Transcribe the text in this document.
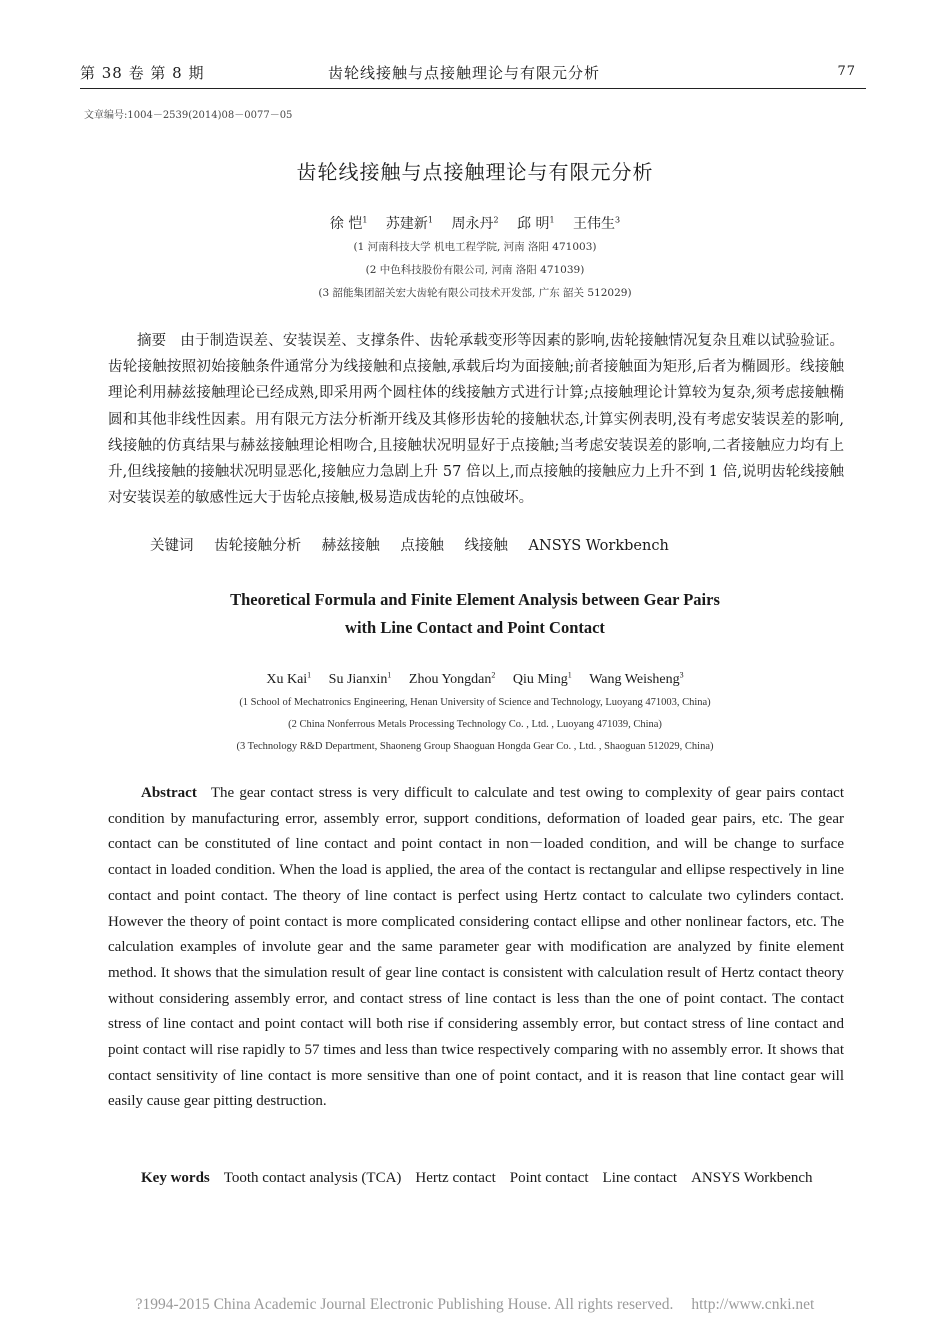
第 38 卷 第 8 期	齿轮线接触与点接触理论与有限元分析	77
文章编号:1004－2539(2014)08－0077－05
齿轮线接触与点接触理论与有限元分析
徐 恺$^1$ 苏建新$^1$ 周永丹$^2$ 邱 明$^1$ 王伟生$^3$
(1 河南科技大学 机电工程学院, 河南 洛阳 471003)
(2 中色科技股份有限公司, 河南 洛阳 471039)
(3 韶能集团韶关宏大齿轮有限公司技术开发部, 广东 韶关 512029)
摘要 由于制造误差、安装误差、支撑条件、齿轮承载变形等因素的影响,齿轮接触情况复杂且难以试验验证。齿轮接触按照初始接触条件通常分为线接触和点接触,承载后均为面接触;前者接触面为矩形,后者为椭圆形。线接触理论利用赫兹接触理论已经成熟,即采用两个圆柱体的线接触方式进行计算;点接触理论计算较为复杂,须考虑接触椭圆和其他非线性因素。用有限元方法分析渐开线及其修形齿轮的接触状态,计算实例表明,没有考虑安装误差的影响,线接触的仿真结果与赫兹接触理论相吻合,且接触状况明显好于点接触;当考虑安装误差的影响,二者接触应力均有上升,但线接触的接触状况明显恶化,接触应力急剧上升 57 倍以上,而点接触的接触应力上升不到 1 倍,说明齿轮线接触对安装误差的敏感性远大于齿轮点接触,极易造成齿轮的点蚀破坏。
关键词 齿轮接触分析 赫兹接触 点接触 线接触 ANSYS Workbench
Theoretical Formula and Finite Element Analysis between Gear Pairs
with Line Contact and Point Contact
Xu Kai$^1$ Su Jianxin$^1$ Zhou Yongdan$^2$ Qiu Ming$^1$ Wang Weisheng$^3$
(1 School of Mechatronics Engineering, Henan University of Science and Technology, Luoyang 471003, China)
(2 China Nonferrous Metals Processing Technology Co. , Ltd. , Luoyang 471039, China)
(3 Technology R&D Department, Shaoneng Group Shaoguan Hongda Gear Co. , Ltd. , Shaoguan 512029, China)
Abstract The gear contact stress is very difficult to calculate and test owing to complexity of gear pairs contact condition by manufacturing error, assembly error, support conditions, deformation of loaded gear pairs, etc. The gear contact can be constituted of line contact and point contact in non－loaded condition, and will be change to surface contact in loaded condition. When the load is applied, the area of the contact is rectangular and ellipse respectively in line contact and point contact. The theory of line contact is perfect using Hertz contact to calculate two cylinders contact. However the theory of point contact is more complicated considering contact ellipse and other nonlinear factors, etc. The calculation examples of involute gear and the same parameter gear with modification are analyzed by finite element method. It shows that the simulation result of gear line contact is consistent with calculation result of Hertz contact theory without considering assembly error, and contact stress of line contact is less than the one of point contact. The contact stress of line contact and point contact will both rise if considering assembly error, but contact stress of line contact and point contact will rise rapidly to 57 times and less than twice respectively comparing with no assembly error. It shows that contact sensitivity of line contact is more sensitive than one of point contact, and it is reason that line contact gear will easily cause gear pitting destruction.
Key words Tooth contact analysis (TCA) Hertz contact Point contact Line contact ANSYS Workbench
?1994-2015 China Academic Journal Electronic Publishing House. All rights reserved. http://www.cnki.net
